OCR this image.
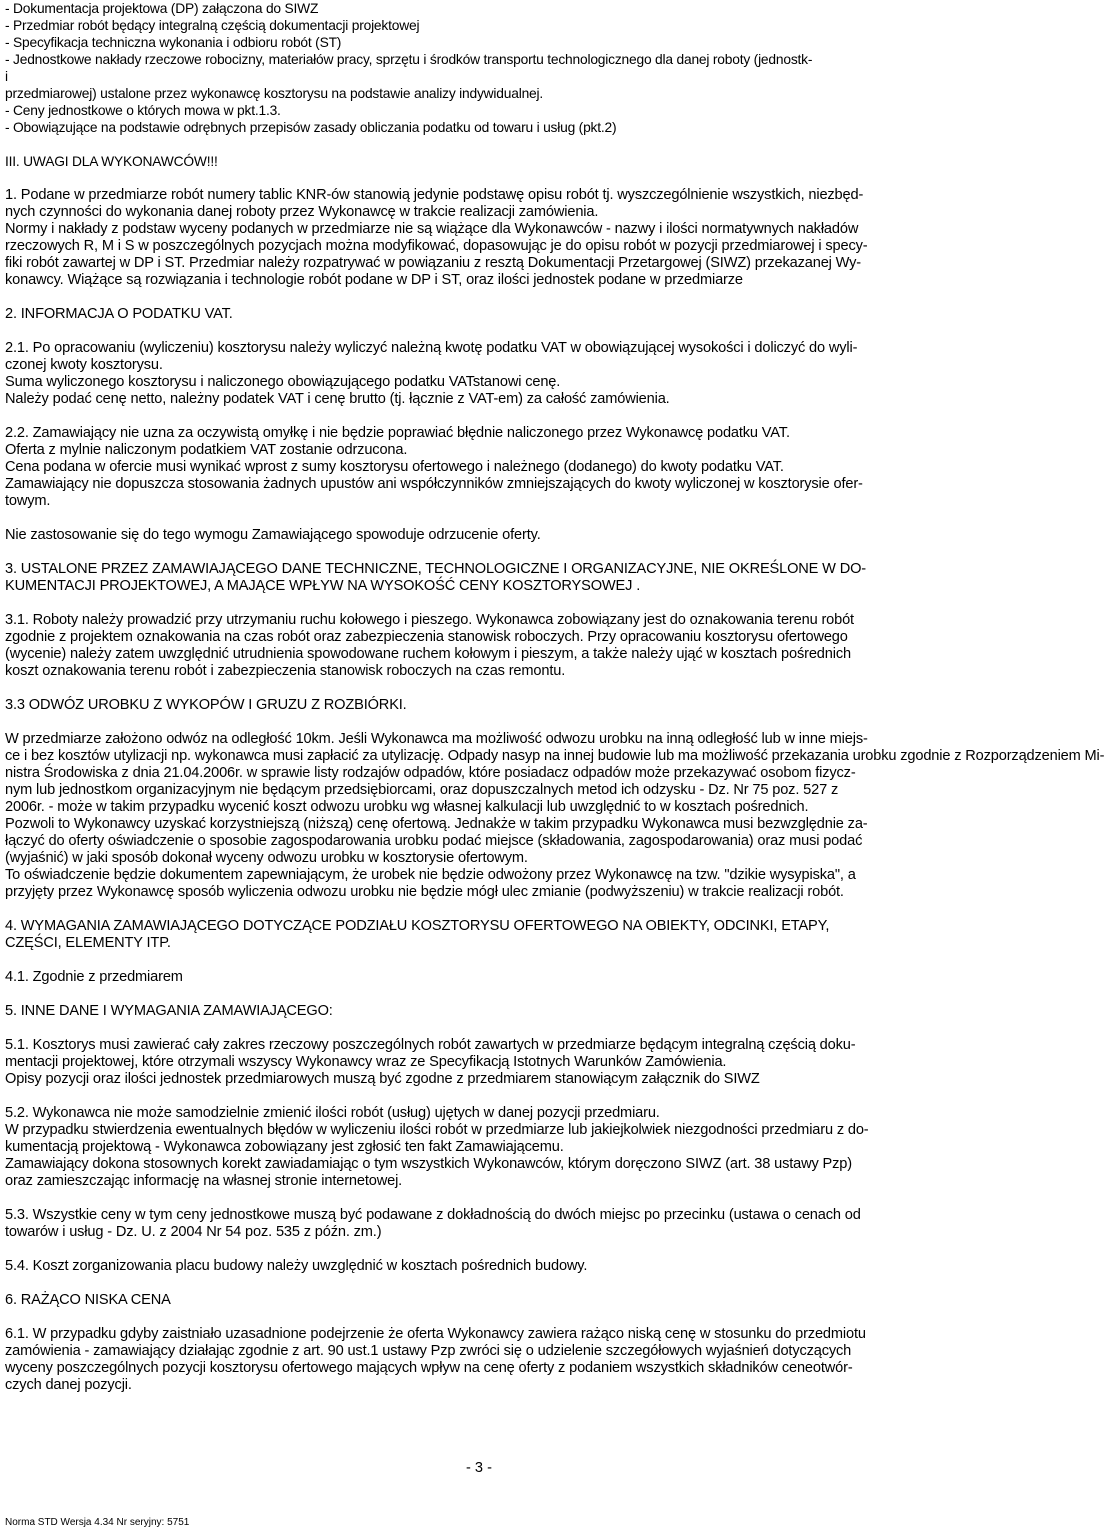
- Dokumentacja projektowa (DP) załączona do SIWZ
- Przedmiar robót będący integralną częścią dokumentacji projektowej
- Specyfikacja techniczna wykonania i odbioru robót (ST)
- Jednostkowe nakłady rzeczowe robocizny, materiałów pracy, sprzętu i środków transportu technologicznego dla danej roboty (jednostk-
i
przedmiarowej) ustalone przez wykonawcę kosztorysu na podstawie analizy indywidualnej.
- Ceny jednostkowe o których mowa w pkt.1.3.
- Obowiązujące na podstawie odrębnych przepisów zasady obliczania podatku od towaru i usług (pkt.2)
III. UWAGI DLA WYKONAWCÓW!!!
1. Podane w przedmiarze robót numery tablic KNR-ów stanowią jedynie podstawę opisu robót tj. wyszczególnienie wszystkich, niezbęd-
nych czynności do wykonania danej roboty przez Wykonawcę w trakcie realizacji zamówienia.
Normy i nakłady z podstaw wyceny podanych w przedmiarze nie są wiążące dla Wykonawców - nazwy i ilości normatywnych nakładów
rzeczowych R, M i S w poszczególnych pozycjach można modyfikować, dopasowując je do opisu robót w pozycji przedmiarowej i specy-
fiki robót zawartej w DP i ST. Przedmiar należy rozpatrywać w powiązaniu z resztą Dokumentacji Przetargowej (SIWZ) przekazanej Wy-
konawcy. Wiążące są rozwiązania i technologie robót podane w DP i ST, oraz ilości jednostek podane w przedmiarze
2. INFORMACJA O PODATKU VAT.
2.1. Po opracowaniu (wyliczeniu) kosztorysu należy wyliczyć należną kwotę podatku VAT w obowiązującej wysokości i doliczyć do wyli-
czonej kwoty kosztorysu.
Suma wyliczonego kosztorysu i naliczonego obowiązującego podatku VATstanowi cenę.
Należy podać cenę netto, należny podatek VAT i cenę brutto (tj. łącznie z VAT-em) za całość zamówienia.
2.2. Zamawiający nie uzna za oczywistą omyłkę i nie będzie poprawiać błędnie naliczonego przez Wykonawcę podatku VAT.
Oferta z mylnie naliczonym podatkiem VAT zostanie odrzucona.
Cena podana w ofercie musi wynikać wprost z sumy kosztorysu ofertowego i należnego (dodanego) do kwoty podatku VAT.
Zamawiający nie dopuszcza stosowania żadnych upustów ani współczynników zmniejszających do kwoty wyliczonej w kosztorysie ofer-
towym.
Nie zastosowanie się do tego wymogu Zamawiającego spowoduje odrzucenie oferty.
3. USTALONE PRZEZ ZAMAWIAJĄCEGO DANE TECHNICZNE, TECHNOLOGICZNE I ORGANIZACYJNE, NIE OKREŚLONE W DO-
KUMENTACJI PROJEKTOWEJ, A MAJĄCE WPŁYW NA WYSOKOŚĆ CENY KOSZTORYSOWEJ .
3.1. Roboty należy prowadzić przy utrzymaniu ruchu kołowego i pieszego. Wykonawca zobowiązany jest do oznakowania terenu robót
zgodnie z projektem oznakowania na czas robót oraz zabezpieczenia stanowisk roboczych. Przy opracowaniu kosztorysu ofertowego
(wycenie) należy zatem uwzględnić utrudnienia spowodowane ruchem kołowym i pieszym, a także należy ująć w kosztach pośrednich
koszt oznakowania terenu robót i zabezpieczenia stanowisk roboczych na czas remontu.
3.3 ODWÓZ UROBKU Z WYKOPÓW I GRUZU Z ROZBIÓRKI.
W przedmiarze założono odwóz na odległość 10km. Jeśli Wykonawca ma możliwość odwozu urobku na inną odległość lub w inne miejs-
ce i bez kosztów utylizacji np. wykonawca musi zapłacić za utylizację. Odpady nasyp na innej budowie lub ma możliwość przekazania urobku zgodnie z Rozporządzeniem Mi-
nistra Środowiska z dnia 21.04.2006r. w sprawie listy rodzajów odpadów, które posiadacz odpadów może przekazywać osobom fizycz-
nym lub jednostkom organizacyjnym nie będącym przedsiębiorcami, oraz dopuszczalnych metod ich odzysku - Dz. Nr 75 poz. 527 z
2006r. - może w takim przypadku wycenić koszt odwozu urobku wg własnej kalkulacji lub uwzględnić to w kosztach pośrednich.
Pozwoli to Wykonawcy uzyskać korzystniejszą (niższą) cenę ofertową. Jednakże w takim przypadku Wykonawca musi bezwzględnie za-
łączyć do oferty oświadczenie o sposobie zagospodarowania urobku podać miejsce (składowania, zagospodarowania) oraz musi podać
(wyjaśnić) w jaki sposób dokonał wyceny odwozu urobku w kosztorysie ofertowym.
To oświadczenie będzie dokumentem zapewniającym, że urobek nie będzie odwożony przez Wykonawcę na tzw. "dzikie wysypiska", a
przyjęty przez Wykonawcę sposób wyliczenia odwozu urobku nie będzie mógł ulec zmianie (podwyższeniu) w trakcie realizacji robót.
4. WYMAGANIA ZAMAWIAJĄCEGO DOTYCZĄCE PODZIAŁU KOSZTORYSU OFERTOWEGO NA OBIEKTY, ODCINKI, ETAPY,
CZĘŚCI, ELEMENTY ITP.
4.1. Zgodnie z przedmiarem
5. INNE DANE I WYMAGANIA ZAMAWIAJĄCEGO:
5.1. Kosztorys musi zawierać cały zakres rzeczowy poszczególnych robót zawartych w przedmiarze będącym integralną częścią doku-
mentacji projektowej, które otrzymali wszyscy Wykonawcy wraz ze Specyfikacją Istotnych Warunków Zamówienia.
Opisy pozycji oraz ilości jednostek przedmiarowych muszą być zgodne z przedmiarem stanowiącym załącznik do SIWZ
5.2. Wykonawca nie może samodzielnie zmienić ilości robót (usług) ujętych w danej pozycji przedmiaru.
W przypadku stwierdzenia ewentualnych błędów w wyliczeniu ilości robót w przedmiarze lub jakiejkolwiek niezgodności przedmiaru z do-
kumentacją projektową - Wykonawca zobowiązany jest zgłosić ten fakt Zamawiającemu.
Zamawiający dokona stosownych korekt zawiadamiając o tym wszystkich Wykonawców, którym doręczono SIWZ (art. 38 ustawy Pzp)
oraz zamieszczając informację na własnej stronie internetowej.
5.3. Wszystkie ceny w tym ceny jednostkowe muszą być podawane z dokładnością do dwóch miejsc po przecinku (ustawa o cenach od
towarów i usług - Dz. U. z 2004 Nr 54 poz. 535 z późn. zm.)
5.4. Koszt zorganizowania placu budowy należy uwzględnić w kosztach pośrednich budowy.
6. RAŻĄCO NISKA CENA
6.1. W przypadku gdyby zaistniało uzasadnione podejrzenie że oferta Wykonawcy zawiera rażąco niską cenę w stosunku do przedmiotu
zamówienia - zamawiający działając zgodnie z art. 90 ust.1 ustawy Pzp zwróci się o udzielenie szczegółowych wyjaśnień dotyczących
wyceny poszczególnych pozycji kosztorysu ofertowego mających wpływ na cenę oferty z podaniem wszystkich składników ceneotwór-
czych danej pozycji.
- 3 -
Norma STD Wersja 4.34 Nr seryjny: 5751
